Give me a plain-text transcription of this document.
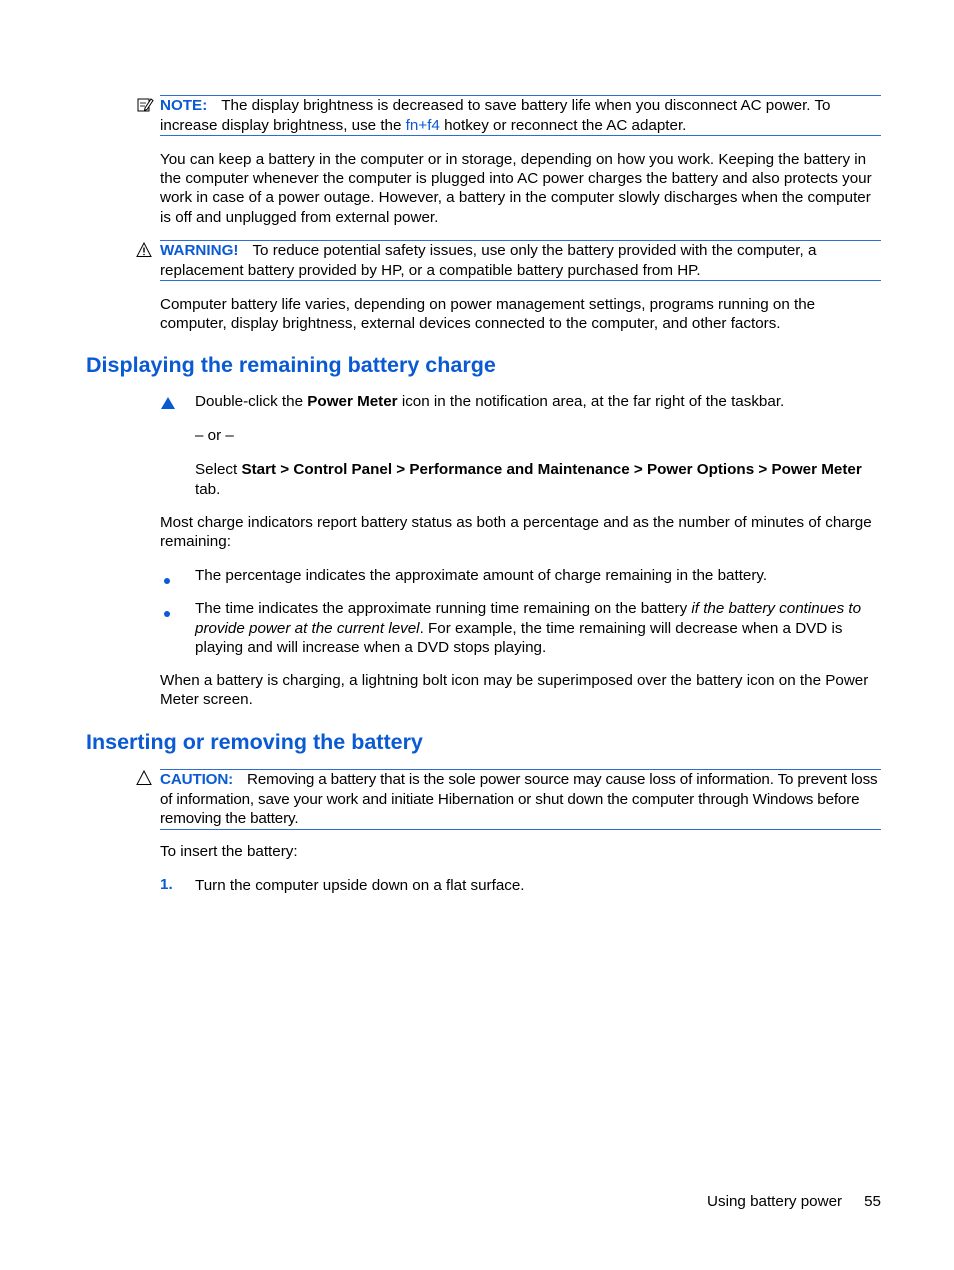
NOTE: The display brightness is decreased to save battery life when you disconnect AC power. To increase display brightness, use the fn+f4 hotkey or reconnect the AC adapter.
You can keep a battery in the computer or in storage, depending on how you work. Keeping the battery in the computer whenever the computer is plugged into AC power charges the battery and also protects your work in case of a power outage. However, a battery in the computer slowly discharges when the computer is off and unplugged from external power.
WARNING! To reduce potential safety issues, use only the battery provided with the computer, a replacement battery provided by HP, or a compatible battery purchased from HP.
Computer battery life varies, depending on power management settings, programs running on the computer, display brightness, external devices connected to the computer, and other factors.
Displaying the remaining battery charge
Double-click the Power Meter icon in the notification area, at the far right of the taskbar.
– or –
Select Start > Control Panel > Performance and Maintenance > Power Options > Power Meter tab.
Most charge indicators report battery status as both a percentage and as the number of minutes of charge remaining:
The percentage indicates the approximate amount of charge remaining in the battery.
The time indicates the approximate running time remaining on the battery if the battery continues to provide power at the current level. For example, the time remaining will decrease when a DVD is playing and will increase when a DVD stops playing.
When a battery is charging, a lightning bolt icon may be superimposed over the battery icon on the Power Meter screen.
Inserting or removing the battery
CAUTION: Removing a battery that is the sole power source may cause loss of information. To prevent loss of information, save your work and initiate Hibernation or shut down the computer through Windows before removing the battery.
To insert the battery:
1. Turn the computer upside down on a flat surface.
Using battery power 55
